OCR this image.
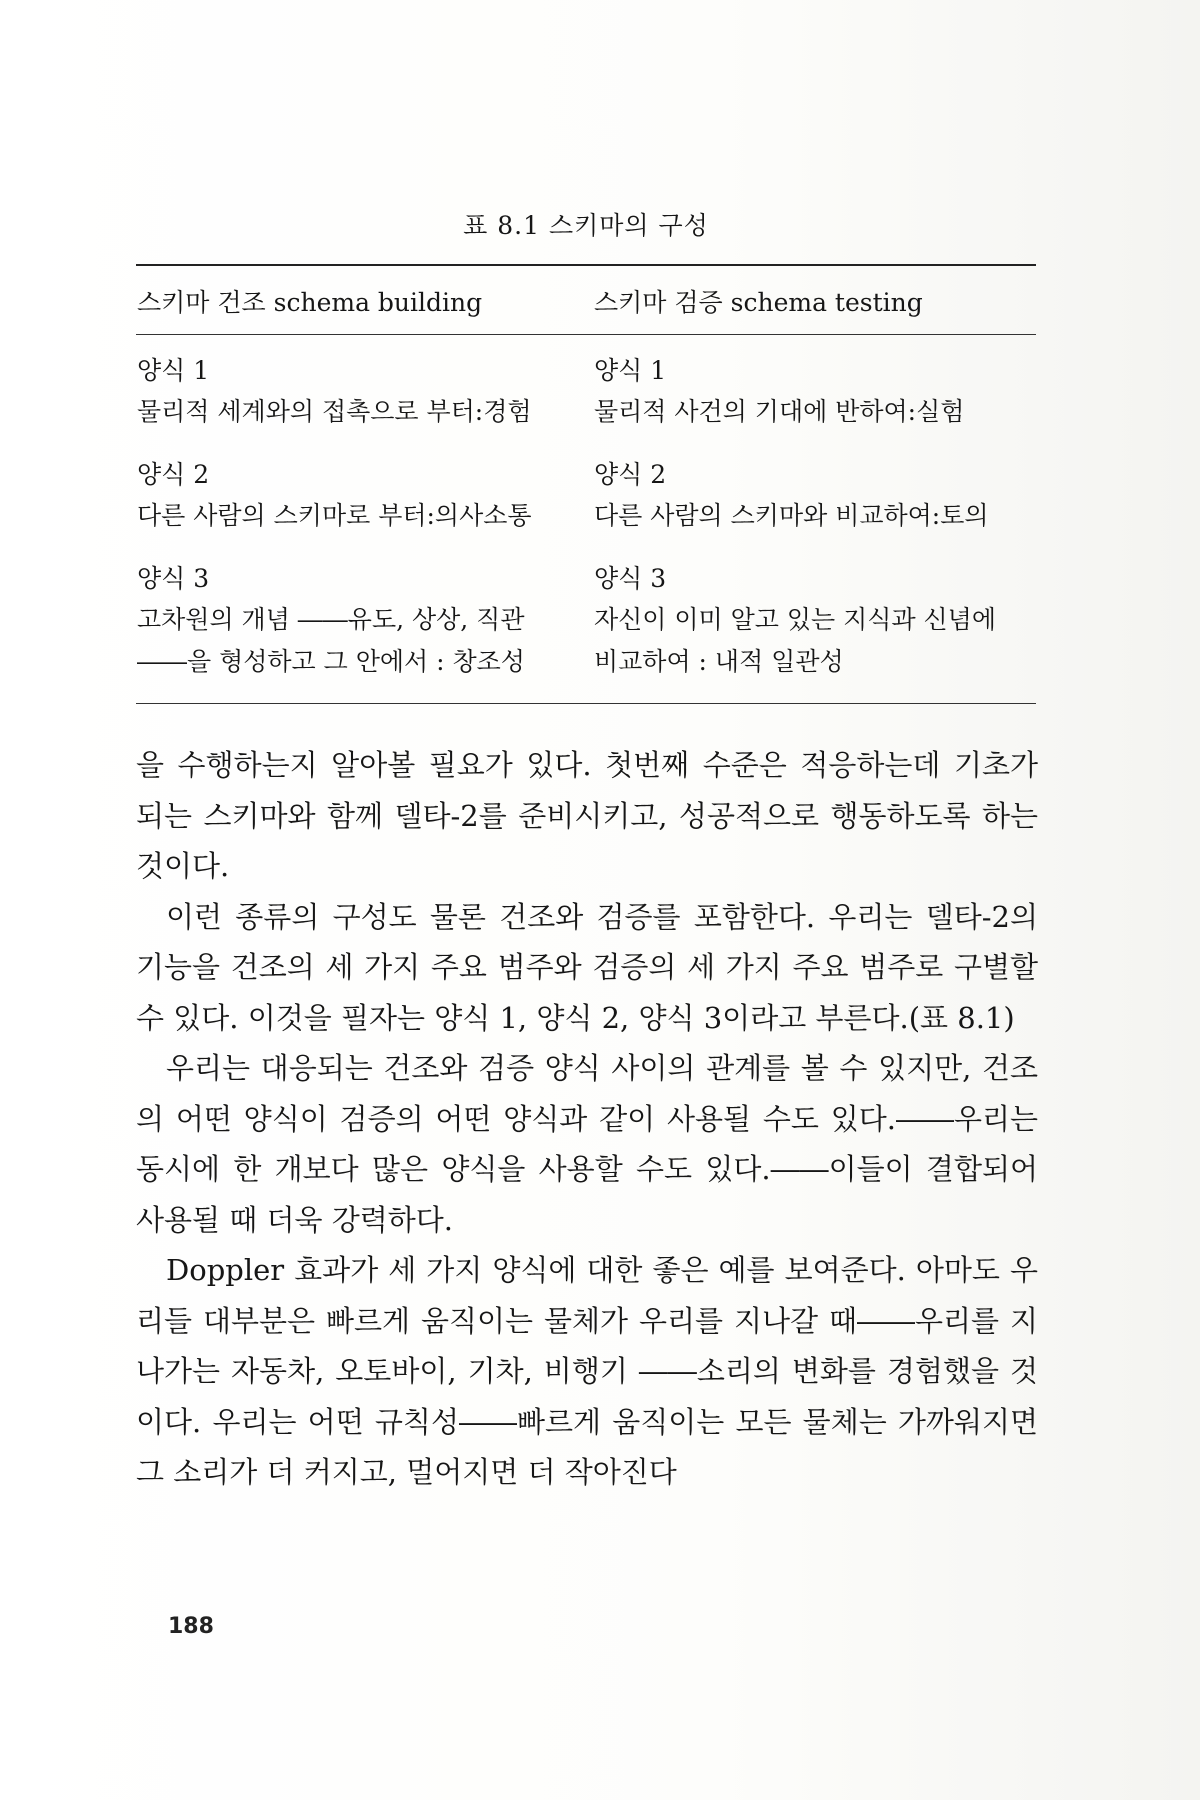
표 8.1 스키마의 구성
스키마 건조 schema building	스키마 검증 schema testing
양식 1
물리적 세계와의 접촉으로 부터:경험
양식 1
물리적 사건의 기대에 반하여:실험
양식 2
다른 사람의 스키마로 부터:의사소통
양식 2
다른 사람의 스키마와 비교하여:토의
양식 3
고차원의 개념 ――유도, 상상, 직관
――을 형성하고 그 안에서 : 창조성
양식 3
자신이 이미 알고 있는 지식과 신념에
비교하여 : 내적 일관성

을 수행하는지 알아볼 필요가 있다. 첫번째 수준은 적응하는데 기초가 되는 스키마와 함께 델타-2를 준비시키고, 성공적으로 행동하도록 하는 것이다.

이런 종류의 구성도 물론 건조와 검증를 포함한다. 우리는 델타-2의 기능을 건조의 세 가지 주요 범주와 검증의 세 가지 주요 범주로 구별할 수 있다. 이것을 필자는 양식 1, 양식 2, 양식 3이라고 부른다.(표 8.1)

우리는 대응되는 건조와 검증 양식 사이의 관계를 볼 수 있지만, 건조의 어떤 양식이 검증의 어떤 양식과 같이 사용될 수도 있다.――우리는 동시에 한 개보다 많은 양식을 사용할 수도 있다.――이들이 결합되어 사용될 때 더욱 강력하다.

Doppler 효과가 세 가지 양식에 대한 좋은 예를 보여준다. 아마도 우리들 대부분은 빠르게 움직이는 물체가 우리를 지나갈 때――우리를 지나가는 자동차, 오토바이, 기차, 비행기 ――소리의 변화를 경험했을 것이다. 우리는 어떤 규칙성――빠르게 움직이는 모든 물체는 가까워지면 그 소리가 더 커지고, 멀어지면 더 작아진다

188
